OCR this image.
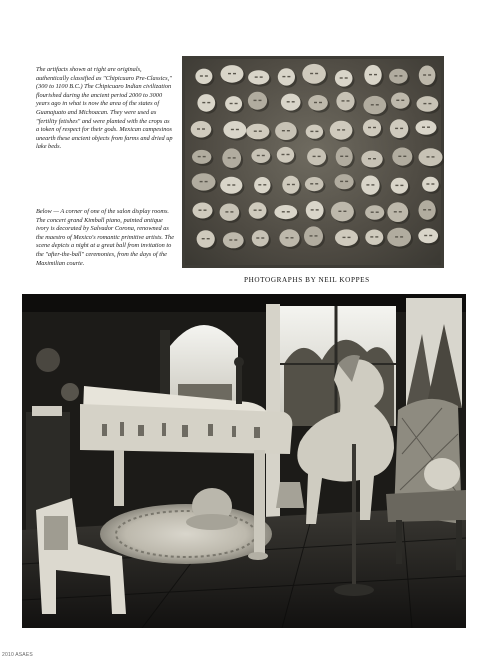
The artifacts shown at right are originals, authentically classified as "Chipicuaro Pre-Classics," (300 to 1100 B.C.) The Chipicuaro Indian civilization flourished during the ancient period 2000 to 3000 years ago in what is now the area of the states of Guanajuato and Michoacan. They were used as "fertility fetishes" and were planted with the crops as a token of respect for their gods. Mexican campesinos unearth these ancient objects from farms and dried up lake beds.

Below — A corner of one of the salon display rooms. The concert grand Kimball piano, painted antique ivory is decorated by Salvador Corona, renowned as the maestro of Mexico's romantic primitive artists. The scene depicts a night at a great ball from invitation to the "after-the-ball" ceremonies, from the days of the Maximilian courte.

PHOTOGRAPHS BY NEIL KOPPES
2010 ASAES
